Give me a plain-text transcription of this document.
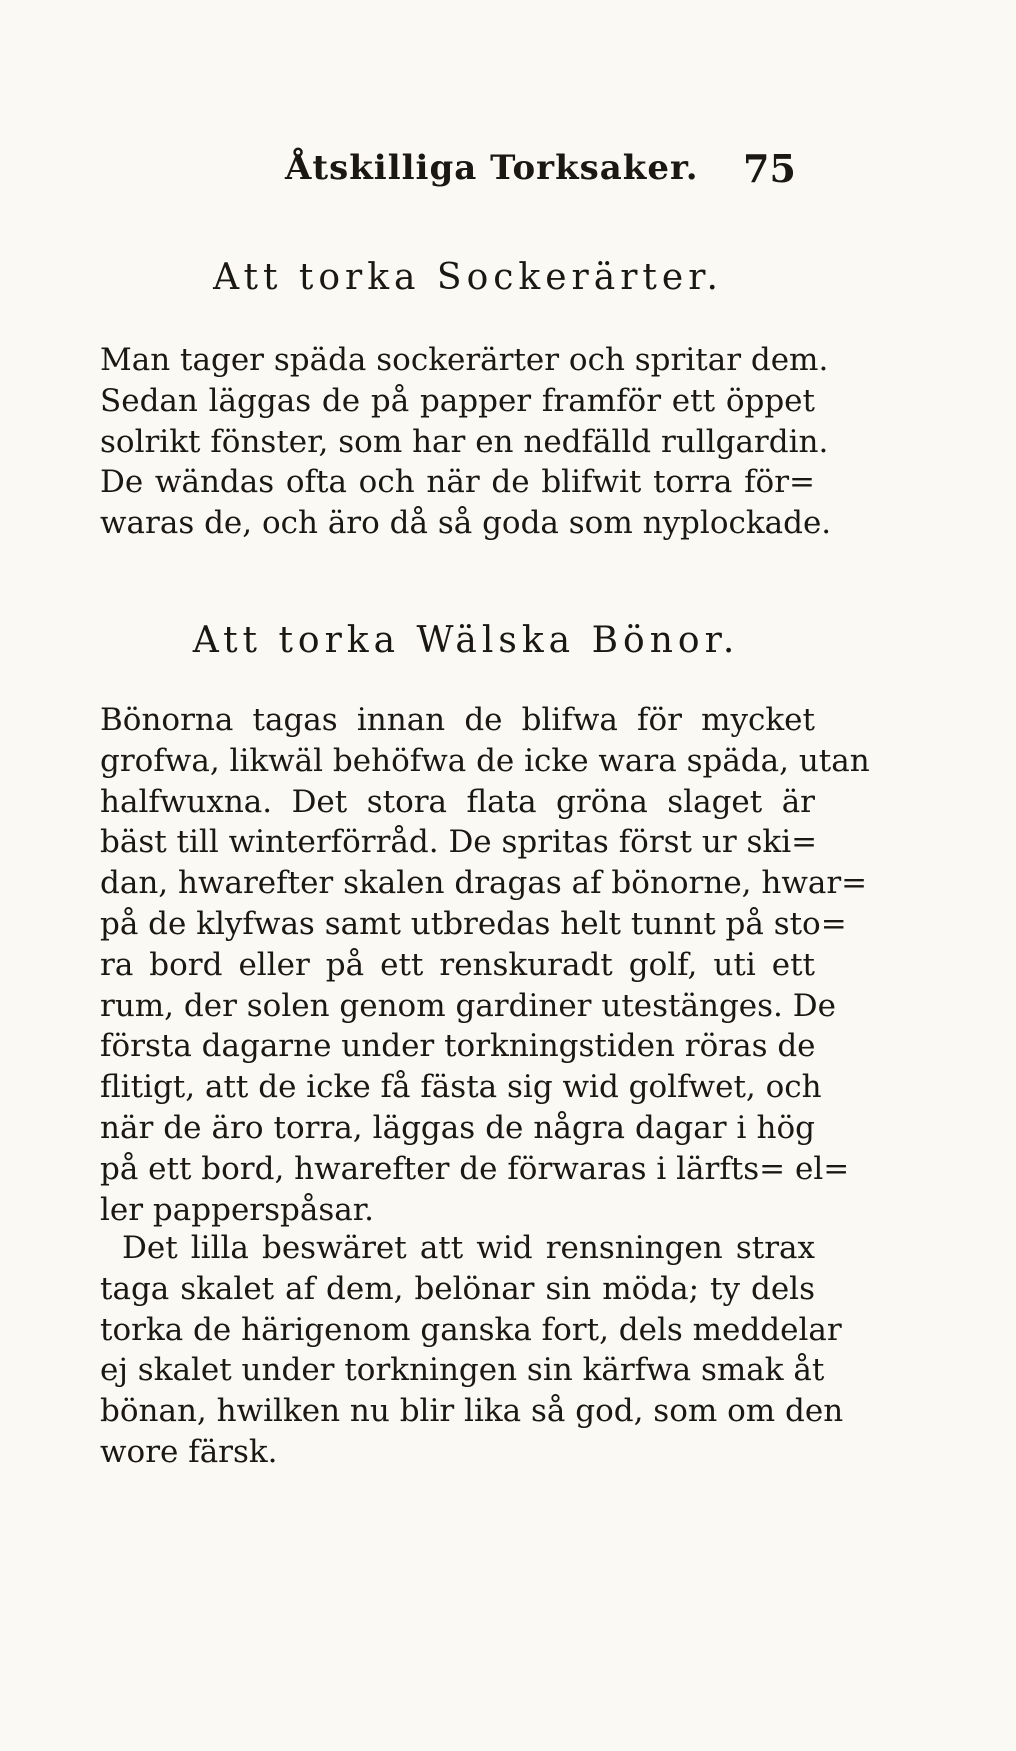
Åtskilliga Torksaker. 75
Att torka Sockerärter.
Man tager späda sockerärter och spritar dem.
Sedan läggas de på papper framför ett öppet
solrikt fönster, som har en nedfälld rullgardin.
De wändas ofta och när de blifwit torra för=
waras de, och äro då så goda som nyplockade.
Att torka Wälska Bönor.
Bönorna tagas innan de blifwa för mycket
grofwa, likwäl behöfwa de icke wara späda, utan
halfwuxna. Det stora flata gröna slaget är
bäst till winterförråd. De spritas först ur ski=
dan, hwarefter skalen dragas af bönorne, hwar=
på de klyfwas samt utbredas helt tunnt på sto=
ra bord eller på ett renskuradt golf, uti ett
rum, der solen genom gardiner utestänges. De
första dagarne under torkningstiden röras de
flitigt, att de icke få fästa sig wid golfwet, och
när de äro torra, läggas de några dagar i hög
på ett bord, hwarefter de förwaras i lärfts= el=
ler papperspåsar.
Det lilla beswäret att wid rensningen strax
taga skalet af dem, belönar sin möda; ty dels
torka de härigenom ganska fort, dels meddelar
ej skalet under torkningen sin kärfwa smak åt
bönan, hwilken nu blir lika så god, som om den
wore färsk.
